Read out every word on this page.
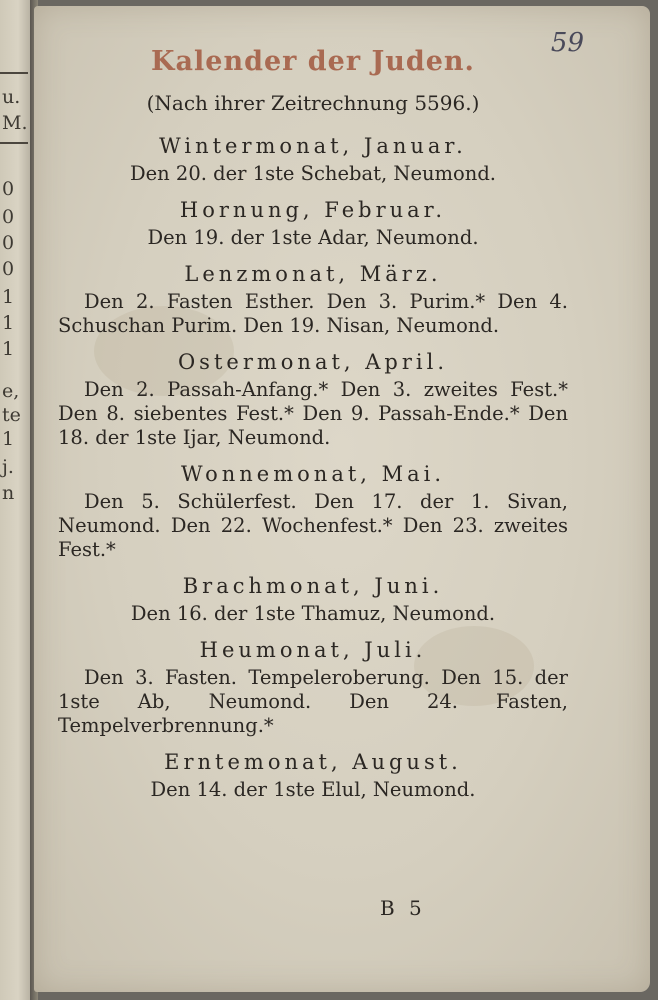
u.
M.
0
0
0
0
1
1
1
e,
te
1
j.
n
59
Kalender der Juden.
(Nach ihrer Zeitrechnung 5596.)
Wintermonat, Januar.
Den 20. der 1ste Schebat, Neumond.
Hornung, Februar.
Den 19. der 1ste Adar, Neumond.
Lenzmonat, März.
Den 2. Fasten Esther. Den 3. Purim.* Den 4. Schuschan Purim. Den 19. Nisan, Neumond.
Ostermonat, April.
Den 2. Passah-Anfang.* Den 3. zweites Fest.* Den 8. siebentes Fest.* Den 9. Passah-Ende.* Den 18. der 1ste Ijar, Neumond.
Wonnemonat, Mai.
Den 5. Schülerfest. Den 17. der 1. Sivan, Neumond. Den 22. Wochenfest.* Den 23. zweites Fest.*
Brachmonat, Juni.
Den 16. der 1ste Thamuz, Neumond.
Heumonat, Juli.
Den 3. Fasten. Tempeleroberung. Den 15. der 1ste Ab, Neumond. Den 24. Fasten, Tempelverbrennung.*
Erntemonat, August.
Den 14. der 1ste Elul, Neumond.
B 5
